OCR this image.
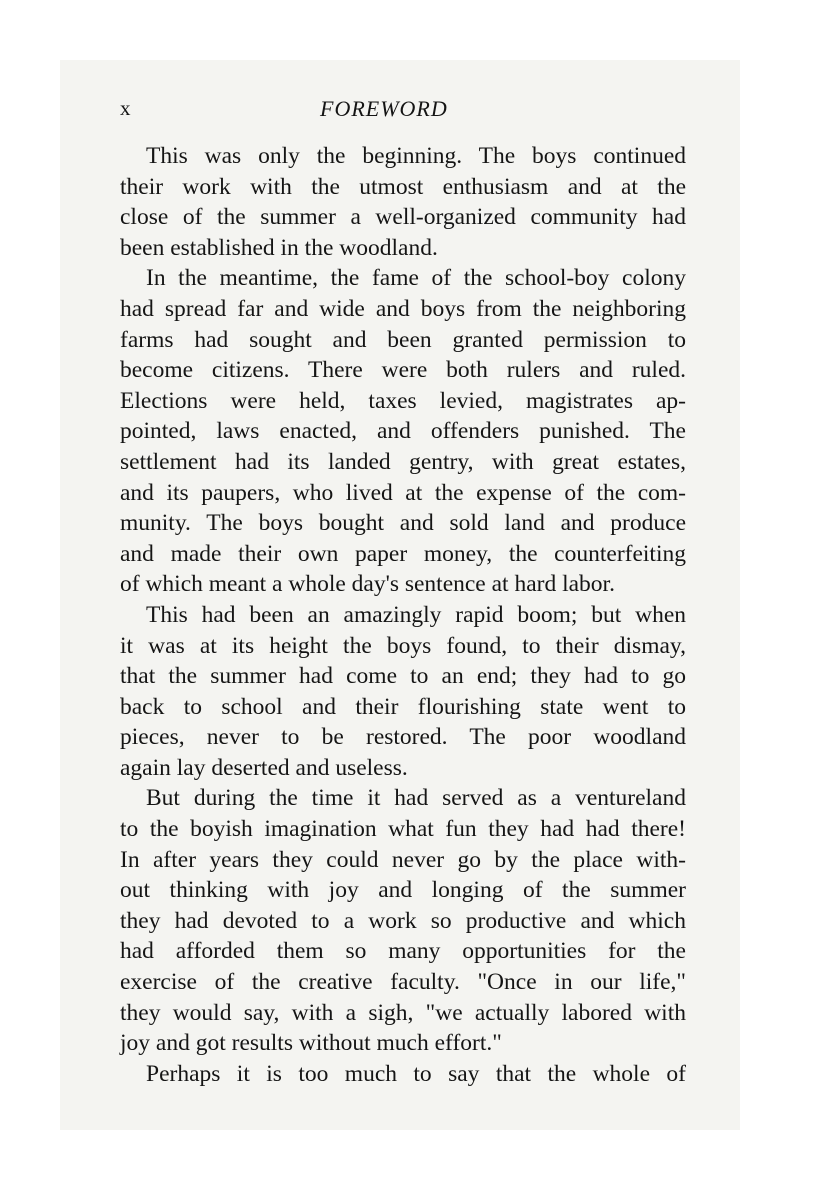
x	FOREWORD
This was only the beginning. The boys continued
their work with the utmost enthusiasm and at the
close of the summer a well-organized community had
been established in the woodland.
In the meantime, the fame of the school-boy colony
had spread far and wide and boys from the neighboring
farms had sought and been granted permission to
become citizens. There were both rulers and ruled.
Elections were held, taxes levied, magistrates ap-
pointed, laws enacted, and offenders punished. The
settlement had its landed gentry, with great estates,
and its paupers, who lived at the expense of the com-
munity. The boys bought and sold land and produce
and made their own paper money, the counterfeiting
of which meant a whole day's sentence at hard labor.
This had been an amazingly rapid boom; but when
it was at its height the boys found, to their dismay,
that the summer had come to an end; they had to go
back to school and their flourishing state went to
pieces, never to be restored. The poor woodland
again lay deserted and useless.
But during the time it had served as a ventureland
to the boyish imagination what fun they had had there!
In after years they could never go by the place with-
out thinking with joy and longing of the summer
they had devoted to a work so productive and which
had afforded them so many opportunities for the
exercise of the creative faculty. "Once in our life,"
they would say, with a sigh, "we actually labored with
joy and got results without much effort."
Perhaps it is too much to say that the whole of
